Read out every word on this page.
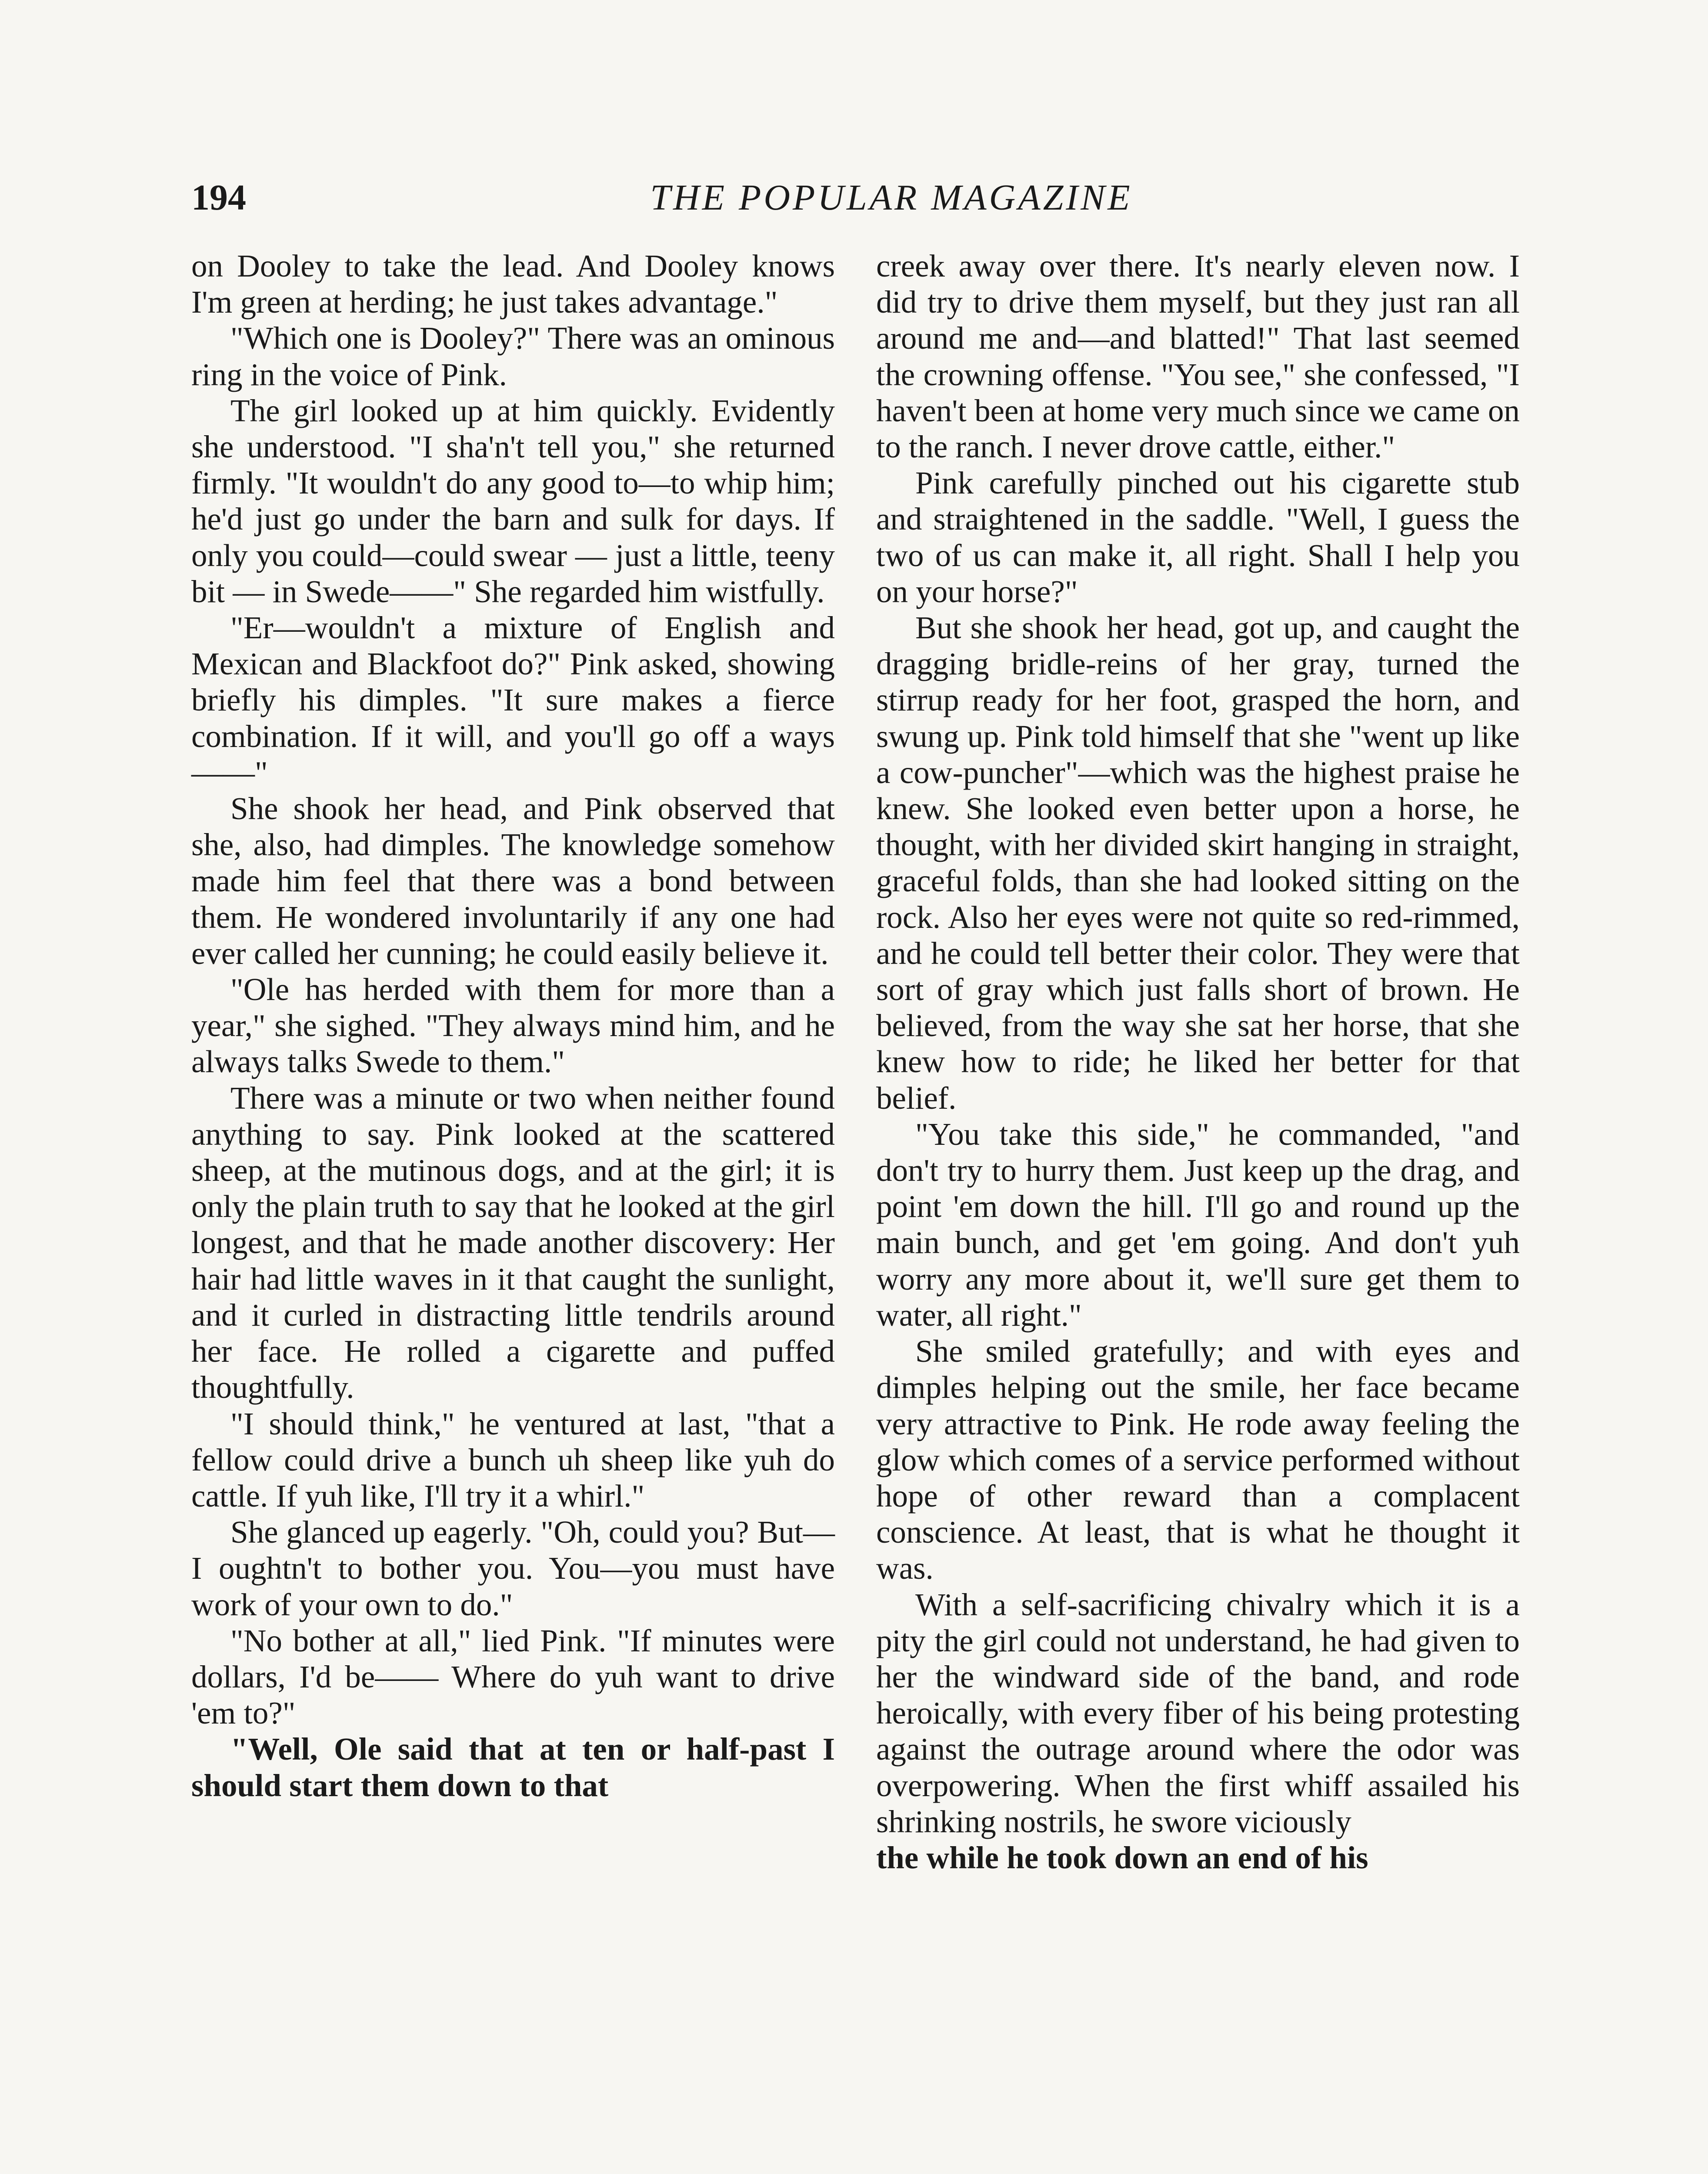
194	THE POPULAR MAGAZINE

on Dooley to take the lead. And Dooley knows I'm green at herding; he just takes advantage."

"Which one is Dooley?" There was an ominous ring in the voice of Pink.

The girl looked up at him quickly. Evidently she understood. "I sha'n't tell you," she returned firmly. "It wouldn't do any good to—to whip him; he'd just go under the barn and sulk for days. If only you could—could swear — just a little, teeny bit — in Swede——" She regarded him wistfully.

"Er—wouldn't a mixture of English and Mexican and Blackfoot do?" Pink asked, showing briefly his dimples. "It sure makes a fierce combination. If it will, and you'll go off a ways——"

She shook her head, and Pink observed that she, also, had dimples. The knowledge somehow made him feel that there was a bond between them. He wondered involuntarily if any one had ever called her cunning; he could easily believe it.

"Ole has herded with them for more than a year," she sighed. "They always mind him, and he always talks Swede to them."

There was a minute or two when neither found anything to say. Pink looked at the scattered sheep, at the mutinous dogs, and at the girl; it is only the plain truth to say that he looked at the girl longest, and that he made another discovery: Her hair had little waves in it that caught the sunlight, and it curled in distracting little tendrils around her face. He rolled a cigarette and puffed thoughtfully.

"I should think," he ventured at last, "that a fellow could drive a bunch uh sheep like yuh do cattle. If yuh like, I'll try it a whirl."

She glanced up eagerly. "Oh, could you? But—I oughtn't to bother you. You—you must have work of your own to do."

"No bother at all," lied Pink. "If minutes were dollars, I'd be—— Where do yuh want to drive 'em to?"

"Well, Ole said that at ten or half-past I should start them down to that

creek away over there. It's nearly eleven now. I did try to drive them myself, but they just ran all around me and—and blatted!" That last seemed the crowning offense. "You see," she confessed, "I haven't been at home very much since we came on to the ranch. I never drove cattle, either."

Pink carefully pinched out his cigarette stub and straightened in the saddle. "Well, I guess the two of us can make it, all right. Shall I help you on your horse?"

But she shook her head, got up, and caught the dragging bridle-reins of her gray, turned the stirrup ready for her foot, grasped the horn, and swung up. Pink told himself that she "went up like a cow-puncher"—which was the highest praise he knew. She looked even better upon a horse, he thought, with her divided skirt hanging in straight, graceful folds, than she had looked sitting on the rock. Also her eyes were not quite so red-rimmed, and he could tell better their color. They were that sort of gray which just falls short of brown. He believed, from the way she sat her horse, that she knew how to ride; he liked her better for that belief.

"You take this side," he commanded, "and don't try to hurry them. Just keep up the drag, and point 'em down the hill. I'll go and round up the main bunch, and get 'em going. And don't yuh worry any more about it, we'll sure get them to water, all right."

She smiled gratefully; and with eyes and dimples helping out the smile, her face became very attractive to Pink. He rode away feeling the glow which comes of a service performed without hope of other reward than a complacent conscience. At least, that is what he thought it was.

With a self-sacrificing chivalry which it is a pity the girl could not understand, he had given to her the windward side of the band, and rode heroically, with every fiber of his being protesting against the outrage around where the odor was overpowering. When the first whiff assailed his shrinking nostrils, he swore viciously

the while he took down an end of his
